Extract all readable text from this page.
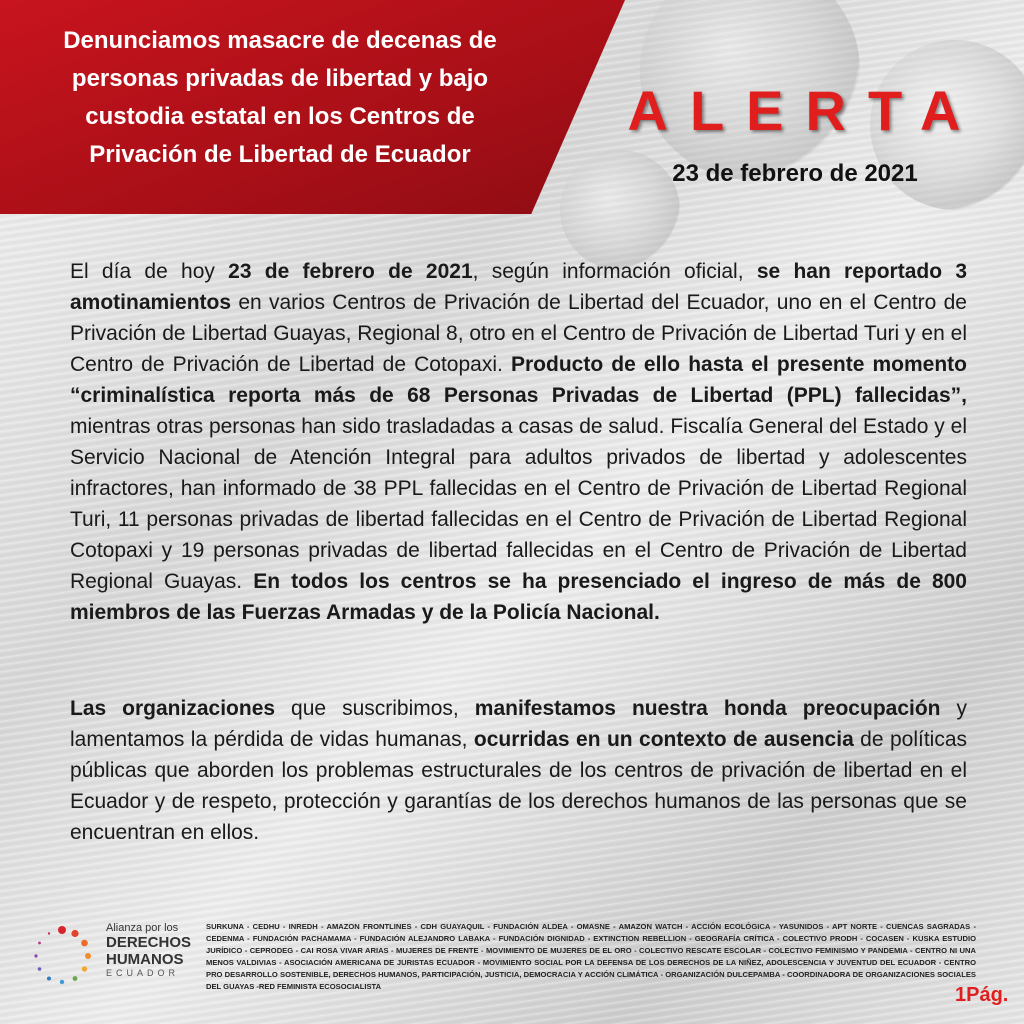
Denunciamos masacre de decenas de
personas privadas de libertad y bajo
custodia estatal en los Centros de
Privación de Libertad de Ecuador

ALERTA

23 de febrero de 2021

El día de hoy 23 de febrero de 2021, según información oficial, se han reportado 3 amotinamientos en varios Centros de Privación de Libertad del Ecuador, uno en el Centro de Privación de Libertad Guayas, Regional 8, otro en el Centro de Privación de Libertad Turi y en el Centro de Privación de Libertad de Cotopaxi. Producto de ello hasta el presente momento “criminalística reporta más de 68 Personas Privadas de Libertad (PPL) fallecidas”, mientras otras personas han sido trasladadas a casas de salud. Fiscalía General del Estado y el Servicio Nacional de Atención Integral para adultos privados de libertad y adolescentes infractores, han informado de 38 PPL fallecidas en el Centro de Privación de Libertad Regional Turi, 11 personas privadas de libertad fallecidas en el Centro de Privación de Libertad Regional Cotopaxi y 19 personas privadas de libertad fallecidas en el Centro de Privación de Libertad Regional Guayas. En todos los centros se ha presenciado el ingreso de más de 800 miembros de las Fuerzas Armadas y de la Policía Nacional.

Las organizaciones que suscribimos, manifestamos nuestra honda preocupación y lamentamos la pérdida de vidas humanas, ocurridas en un contexto de ausencia de políticas públicas que aborden los problemas estructurales de los centros de privación de libertad en el Ecuador y de respeto, protección y garantías de los derechos humanos de las personas que se encuentran en ellos.

Alianza por los
DERECHOS
HUMANOS
ECUADOR

SURKUNA - CEDHU - INREDH - AMAZON FRONTLINES - CDH GUAYAQUIL - FUNDACIÓN ALDEA - OMASNE - AMAZON WATCH - ACCIÓN ECOLÓGICA - YASUNIDOS - APT NORTE - CUENCAS SAGRADAS - CEDENMA - FUNDACIÓN PACHAMAMA - FUNDACIÓN ALEJANDRO LABAKA - FUNDACIÓN DIGNIDAD - EXTINCTION REBELLION - GEOGRAFÍA CRÍTICA - COLECTIVO PRODH - COCASEN - KUSKA ESTUDIO JURÍDICO - CEPRODEG - CAI ROSA VIVAR ARIAS - MUJERES DE FRENTE - MOVIMIENTO DE MUJERES DE EL ORO - COLECTIVO RESCATE ESCOLAR - COLECTIVO FEMINISMO Y PANDEMIA - CENTRO NI UNA MENOS VALDIVIAS - ASOCIACIÓN AMERICANA DE JURISTAS ECUADOR - MOVIMIENTO SOCIAL POR LA DEFENSA DE LOS DERECHOS DE LA NIÑEZ, ADOLESCENCIA Y JUVENTUD DEL ECUADOR - CENTRO PRO DESARROLLO SOSTENIBLE, DERECHOS HUMANOS, PARTICIPACIÓN, JUSTICIA, DEMOCRACIA Y ACCIÓN CLIMÁTICA - ORGANIZACIÓN DULCEPAMBA - COORDINADORA DE ORGANIZACIONES SOCIALES DEL GUAYAS -RED FEMINISTA ECOSOCIALISTA	1Pág.
